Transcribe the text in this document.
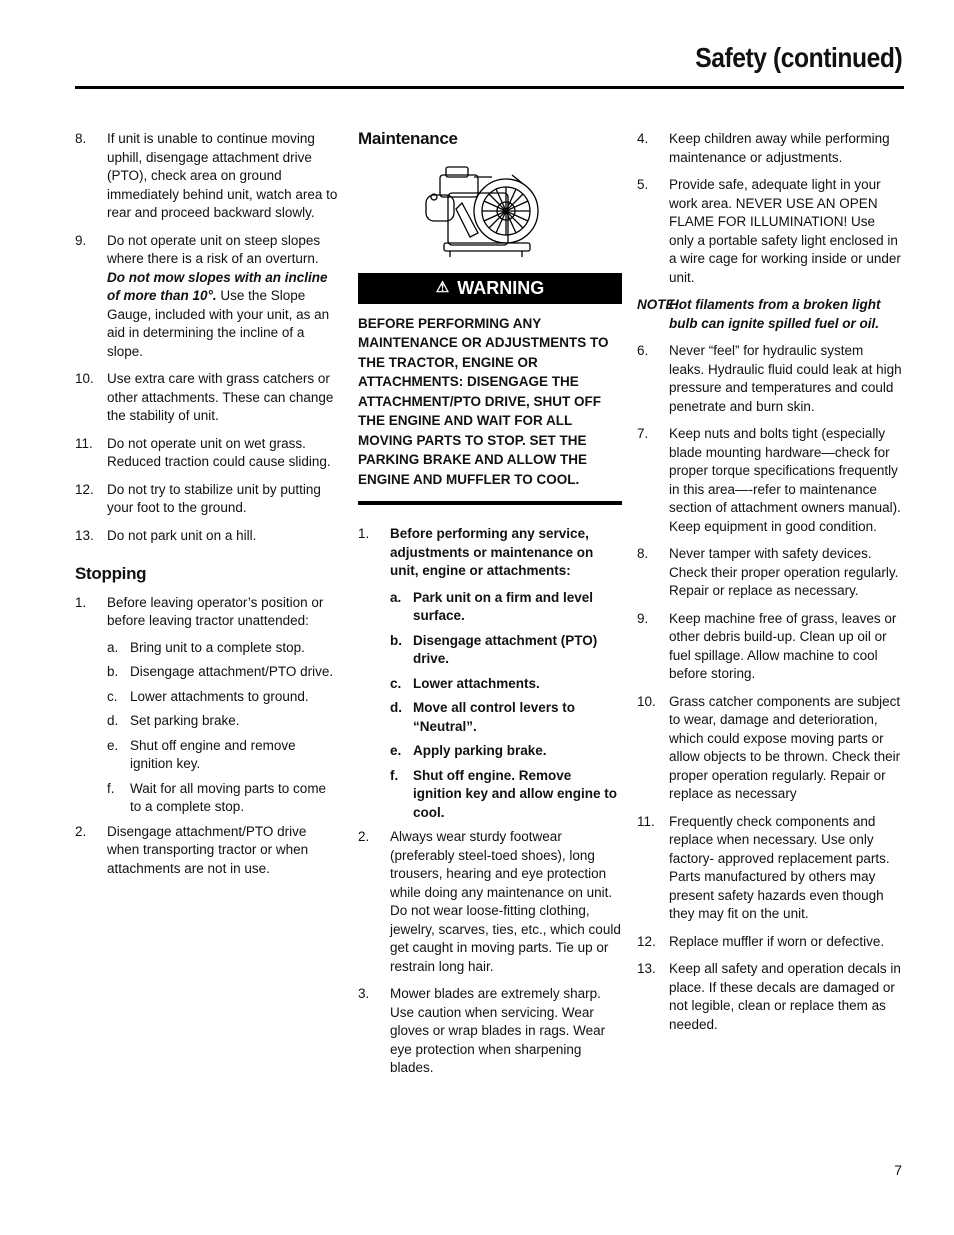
Safety (continued)
8. If unit is unable to continue moving uphill, disengage attachment drive (PTO), check area on ground immediately behind unit, watch area to rear and proceed backward slowly.
9. Do not operate unit on steep slopes where there is a risk of an overturn. Do not mow slopes with an incline of more than 10°. Use the Slope Gauge, included with your unit, as an aid in determining the incline of a slope.
10. Use extra care with grass catchers or other attachments. These can change the stability of unit.
11. Do not operate unit on wet grass. Reduced traction could cause sliding.
12. Do not try to stabilize unit by putting your foot to the ground.
13. Do not park unit on a hill.
Stopping
1. Before leaving operator’s position or before leaving tractor unattended:
a. Bring unit to a complete stop.
b. Disengage attachment/PTO drive.
c. Lower attachments to ground.
d. Set parking brake.
e. Shut off engine and remove ignition key.
f. Wait for all moving parts to come to a complete stop.
2. Disengage attachment/PTO drive when transporting tractor or when attachments are not in use.
Maintenance
⚠ WARNING
BEFORE PERFORMING ANY MAINTENANCE OR ADJUSTMENTS TO THE TRACTOR, ENGINE OR ATTACHMENTS: DISENGAGE THE ATTACHMENT/PTO DRIVE, SHUT OFF THE ENGINE AND WAIT FOR ALL MOVING PARTS TO STOP. SET THE PARKING BRAKE AND ALLOW THE ENGINE AND MUFFLER TO COOL.
1. Before performing any service, adjustments or maintenance on unit, engine or attachments:
a. Park unit on a firm and level surface.
b. Disengage attachment (PTO) drive.
c. Lower attachments.
d. Move all control levers to “Neutral”.
e. Apply parking brake.
f. Shut off engine. Remove ignition key and allow engine to cool.
2. Always wear sturdy footwear (preferably steel-toed shoes), long trousers, hearing and eye protection while doing any maintenance on unit. Do not wear loose-fitting clothing, jewelry, scarves, ties, etc., which could get caught in moving parts. Tie up or restrain long hair.
3. Mower blades are extremely sharp. Use caution when servicing. Wear gloves or wrap blades in rags. Wear eye protection when sharpening blades.
4. Keep children away while performing maintenance or adjustments.
5. Provide safe, adequate light in your work area. NEVER USE AN OPEN FLAME FOR ILLUMINATION! Use only a portable safety light enclosed in a wire cage for working inside or under unit.
NOTE:
Hot filaments from a broken light bulb can ignite spilled fuel or oil.
6. Never “feel” for hydraulic system leaks. Hydraulic fluid could leak at high pressure and temperatures and could penetrate and burn skin.
7. Keep nuts and bolts tight (especially blade mounting hardware—check for proper torque specifications frequently in this area—-refer to maintenance section of attachment owners manual). Keep equipment in good condition.
8. Never tamper with safety devices. Check their proper operation regularly. Repair or replace as necessary.
9. Keep machine free of grass, leaves or other debris build-up. Clean up oil or fuel spillage. Allow machine to cool before storing.
10. Grass catcher components are subject to wear, damage and deterioration, which could expose moving parts or allow objects to be thrown. Check their proper operation regularly. Repair or replace as necessary
11. Frequently check components and replace when necessary. Use only factory- approved replacement parts. Parts manufactured by others may present safety hazards even though they may fit on the unit.
12. Replace muffler if worn or defective.
13. Keep all safety and operation decals in place. If these decals are damaged or not legible, clean or replace them as needed.
7
